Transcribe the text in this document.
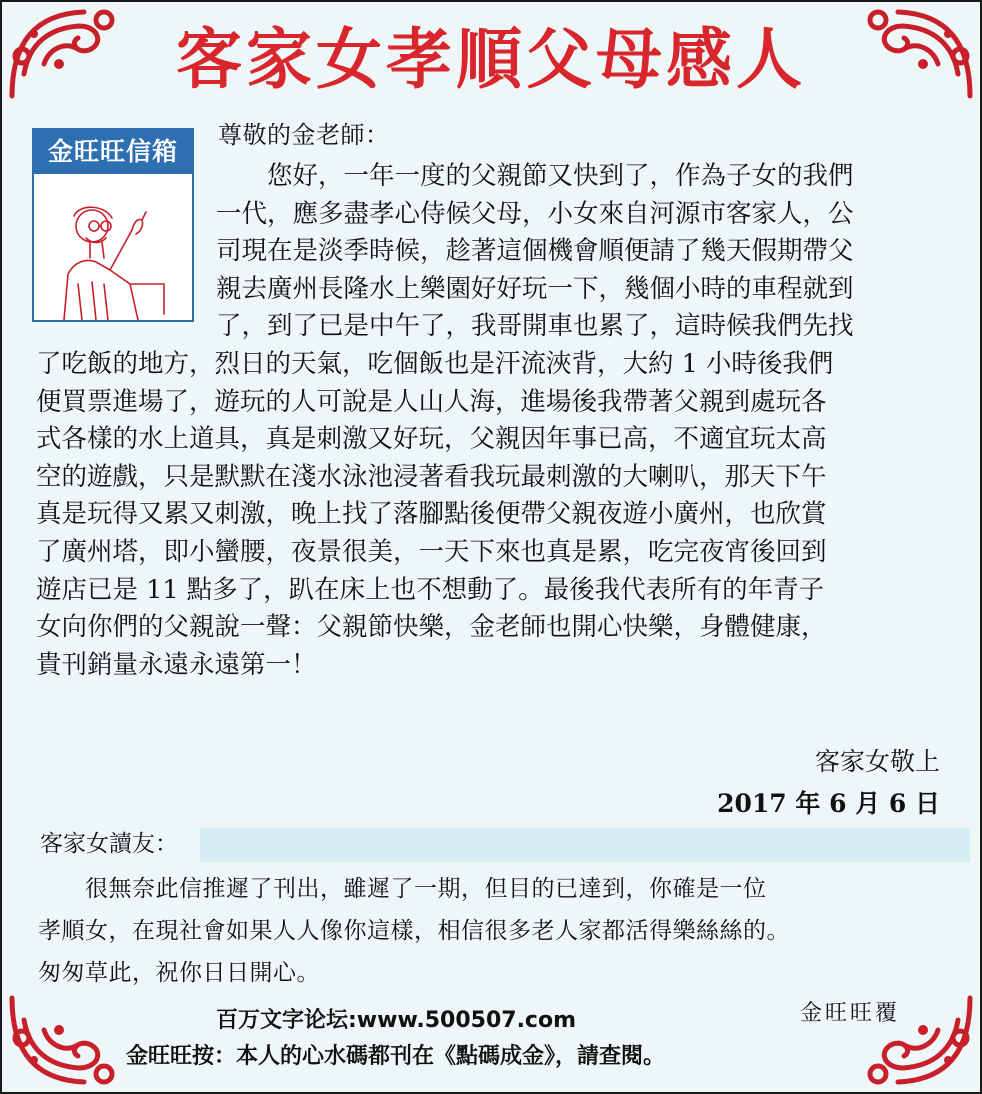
客家女孝順父母感人
金旺旺信箱
尊敬的金老師：
　　您好，一年一度的父親節又快到了，作為子女的我們
一代，應多盡孝心侍候父母，小女來自河源市客家人，公
司現在是淡季時候，趁著這個機會順便請了幾天假期帶父
親去廣州長隆水上樂園好好玩一下，幾個小時的車程就到
了，到了已是中午了，我哥開車也累了，這時候我們先找
了吃飯的地方，烈日的天氣，吃個飯也是汗流浹背，大約 1 小時後我們
便買票進場了，遊玩的人可說是人山人海，進場後我帶著父親到處玩各
式各樣的水上道具，真是刺激又好玩，父親因年事已高，不適宜玩太高
空的遊戲，只是默默在淺水泳池浸著看我玩最刺激的大喇叭，那天下午
真是玩得又累又刺激，晚上找了落腳點後便帶父親夜遊小廣州，也欣賞
了廣州塔，即小蠻腰，夜景很美，一天下來也真是累，吃完夜宵後回到
遊店已是 11 點多了，趴在床上也不想動了。最後我代表所有的年青子
女向你們的父親說一聲：父親節快樂，金老師也開心快樂，身體健康，
貴刊銷量永遠永遠第一！
客家女敬上
2017 年 6 月 6 日
客家女讀友：
　　很無奈此信推遲了刊出，雖遲了一期，但目的已達到，你確是一位
孝順女，在現社會如果人人像你這樣，相信很多老人家都活得樂絲絲的。
匆匆草此，祝你日日開心。
金旺旺覆
百万文字论坛:www.500507.com
金旺旺按：本人的心水碼都刊在《點碼成金》，請查閱。
